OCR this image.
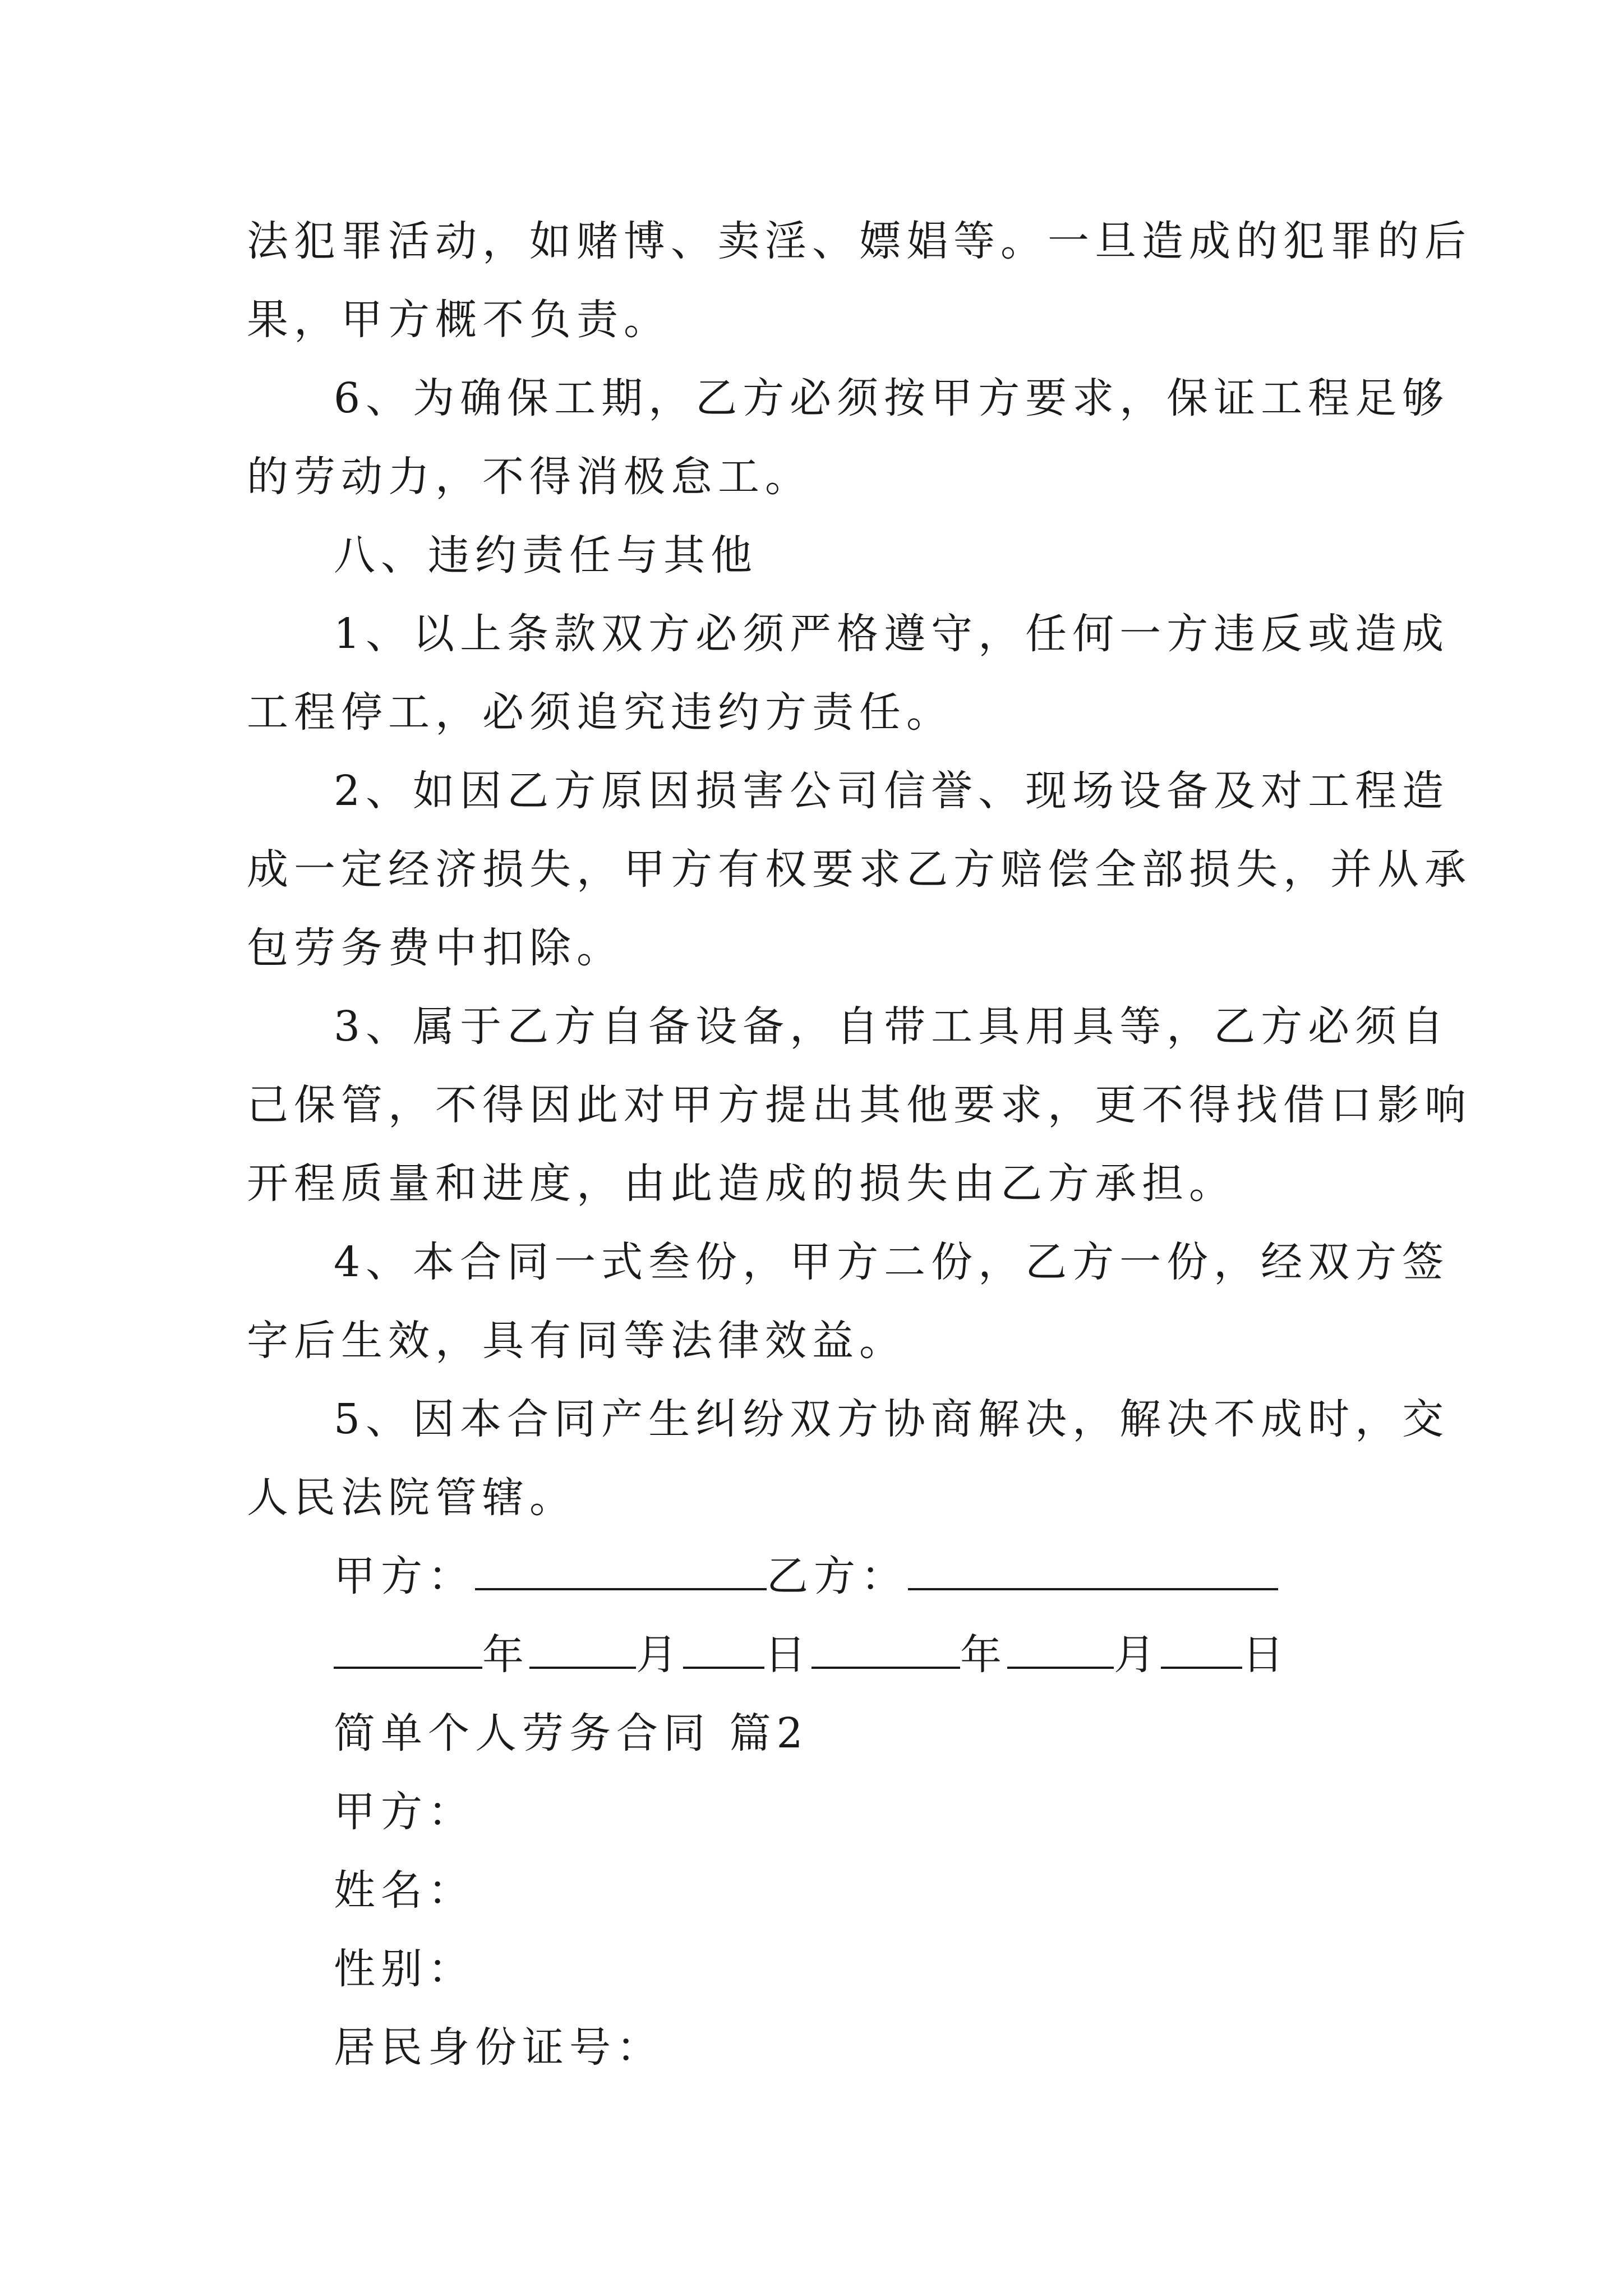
法犯罪活动，如赌博、卖淫、嫖娼等。一旦造成的犯罪的后
果，甲方概不负责。
6、为确保工期，乙方必须按甲方要求，保证工程足够
的劳动力，不得消极怠工。
八、违约责任与其他
1、以上条款双方必须严格遵守，任何一方违反或造成
工程停工，必须追究违约方责任。
2、如因乙方原因损害公司信誉、现场设备及对工程造
成一定经济损失，甲方有权要求乙方赔偿全部损失，并从承
包劳务费中扣除。
3、属于乙方自备设备，自带工具用具等，乙方必须自
己保管，不得因此对甲方提出其他要求，更不得找借口影响
开程质量和进度，由此造成的损失由乙方承担。
4、本合同一式叁份，甲方二份，乙方一份，经双方签
字后生效，具有同等法律效益。
5、因本合同产生纠纷双方协商解决，解决不成时，交
人民法院管辖。
甲方：	乙方：
年	月 日	年	月 日
简单个人劳务合同 篇2
甲方：
姓名：
性别：
居民身份证号：
